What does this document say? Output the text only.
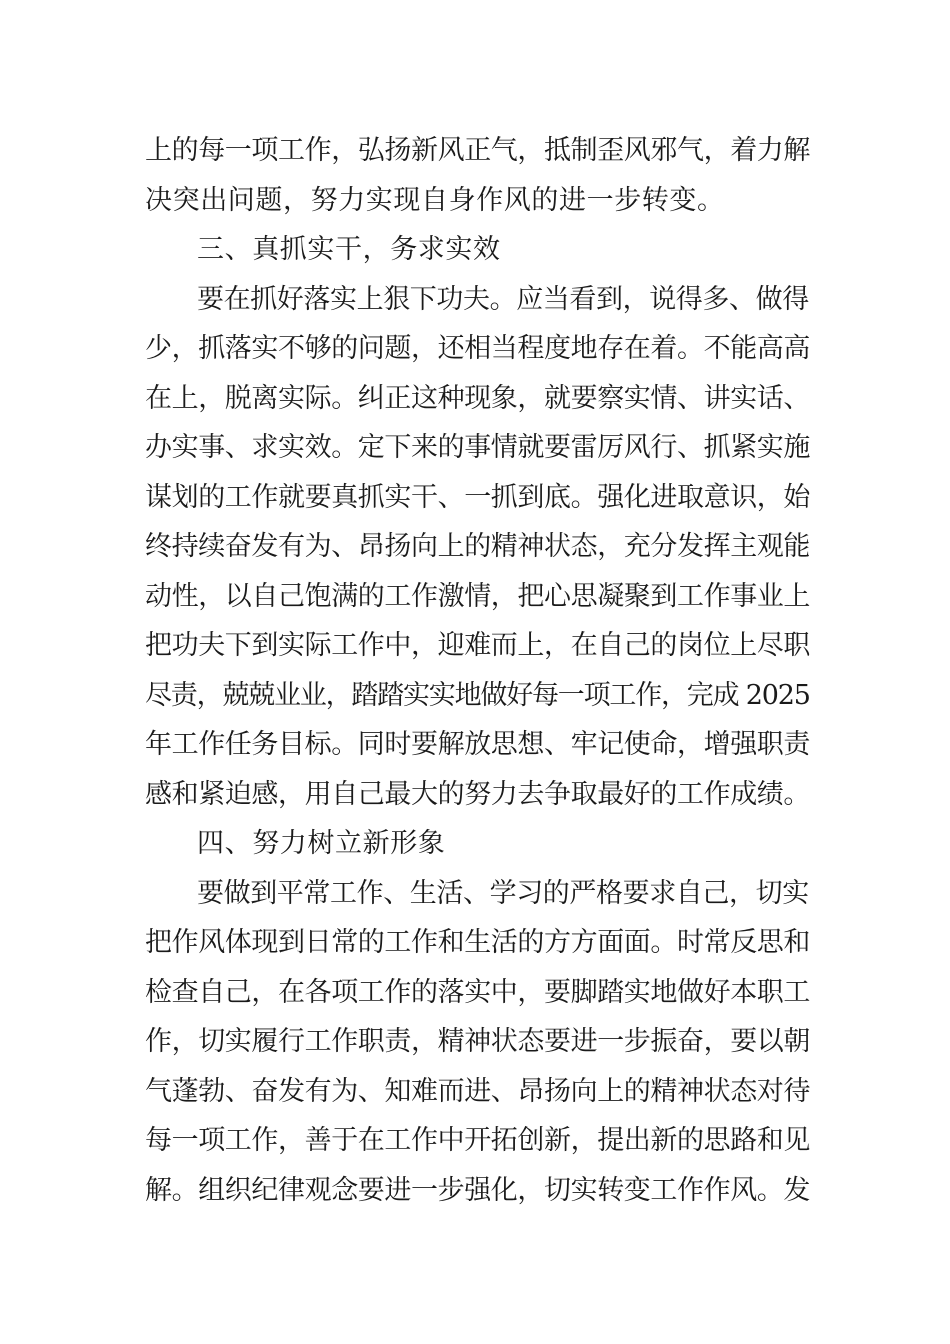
上的每一项工作，弘扬新风正气，抵制歪风邪气，着力解
决突出问题，努力实现自身作风的进一步转变。
三、真抓实干，务求实效
要在抓好落实上狠下功夫。应当看到，说得多、做得
少，抓落实不够的问题，还相当程度地存在着。不能高高
在上，脱离实际。纠正这种现象，就要察实情、讲实话、
办实事、求实效。定下来的事情就要雷厉风行、抓紧实施
谋划的工作就要真抓实干、一抓到底。强化进取意识，始
终持续奋发有为、昂扬向上的精神状态，充分发挥主观能
动性，以自己饱满的工作激情，把心思凝聚到工作事业上
把功夫下到实际工作中，迎难而上，在自己的岗位上尽职
尽责，兢兢业业，踏踏实实地做好每一项工作，完成 2025
年工作任务目标。同时要解放思想、牢记使命，增强职责
感和紧迫感，用自己最大的努力去争取最好的工作成绩。
四、努力树立新形象
要做到平常工作、生活、学习的严格要求自己，切实
把作风体现到日常的工作和生活的方方面面。时常反思和
检查自己，在各项工作的落实中，要脚踏实地做好本职工
作，切实履行工作职责，精神状态要进一步振奋，要以朝
气蓬勃、奋发有为、知难而进、昂扬向上的精神状态对待
每一项工作，善于在工作中开拓创新，提出新的思路和见
解。组织纪律观念要进一步强化，切实转变工作作风。发
